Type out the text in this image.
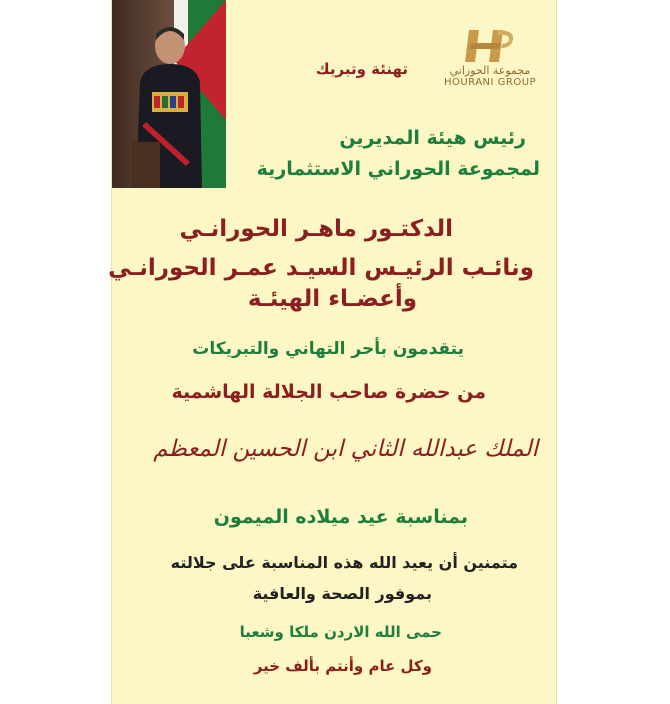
مجموعة الحوراني
HOURANI GROUP
تهنئة وتبريك
رئيس هيئة المديرين
لمجموعة الحوراني الاستثمارية
الدكتـور ماهـر الحورانـي
ونائـب الرئيـس السيـد عمـر الحورانـي
وأعضـاء الهيئـة
يتقدمون بأحر التهاني والتبريكات
من حضرة صاحب الجلالة الهاشمية
الملك عبدالله الثاني ابن الحسين المعظم
بمناسبة عيد ميلاده الميمون
متمنين أن يعيد الله هذه المناسبة على جلالته
بموفور الصحة والعافية
حمى الله الاردن ملكا وشعبا
وكل عام وأنتم بألف خير
